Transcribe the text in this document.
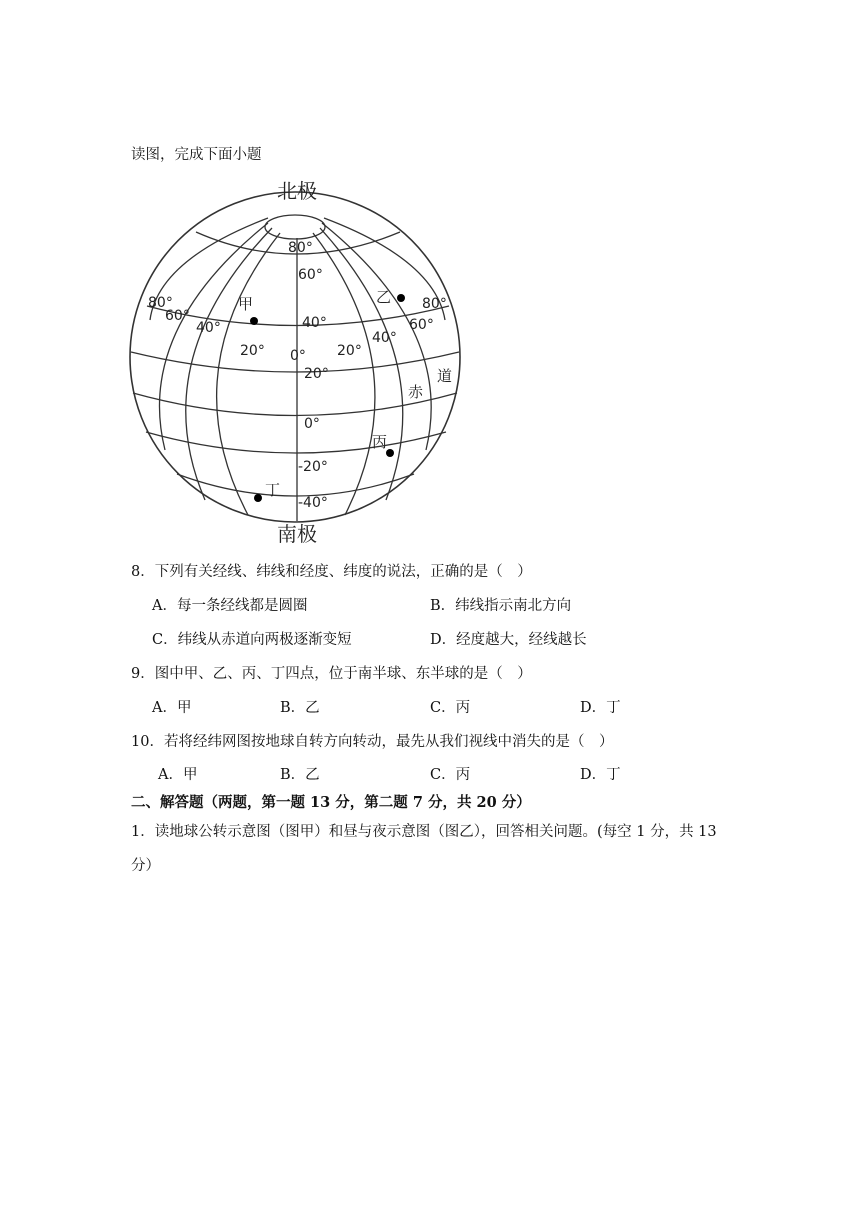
读图，完成下面小题
北极
南极
80°
60°
40°
20°
0°
-20°
-40°
80°
60°
40°
20° 0° 20°
40°
60°
80°
甲	乙
丙
丁
赤
道
8．下列有关经线、纬线和经度、纬度的说法，正确的是（　）
A．每一条经线都是圆圈	B．纬线指示南北方向
C．纬线从赤道向两极逐渐变短	D．经度越大，经线越长
9．图中甲、乙、丙、丁四点，位于南半球、东半球的是（　）
A．甲	B．乙	C．丙	D．丁
10．若将经纬网图按地球自转方向转动，最先从我们视线中消失的是（　）
A．甲	B．乙	C．丙	D．丁
二、解答题（两题，第一题 13 分，第二题 7 分，共 20 分）
1．读地球公转示意图（图甲）和昼与夜示意图（图乙），回答相关问题。(每空 1 分，共 13
分）
